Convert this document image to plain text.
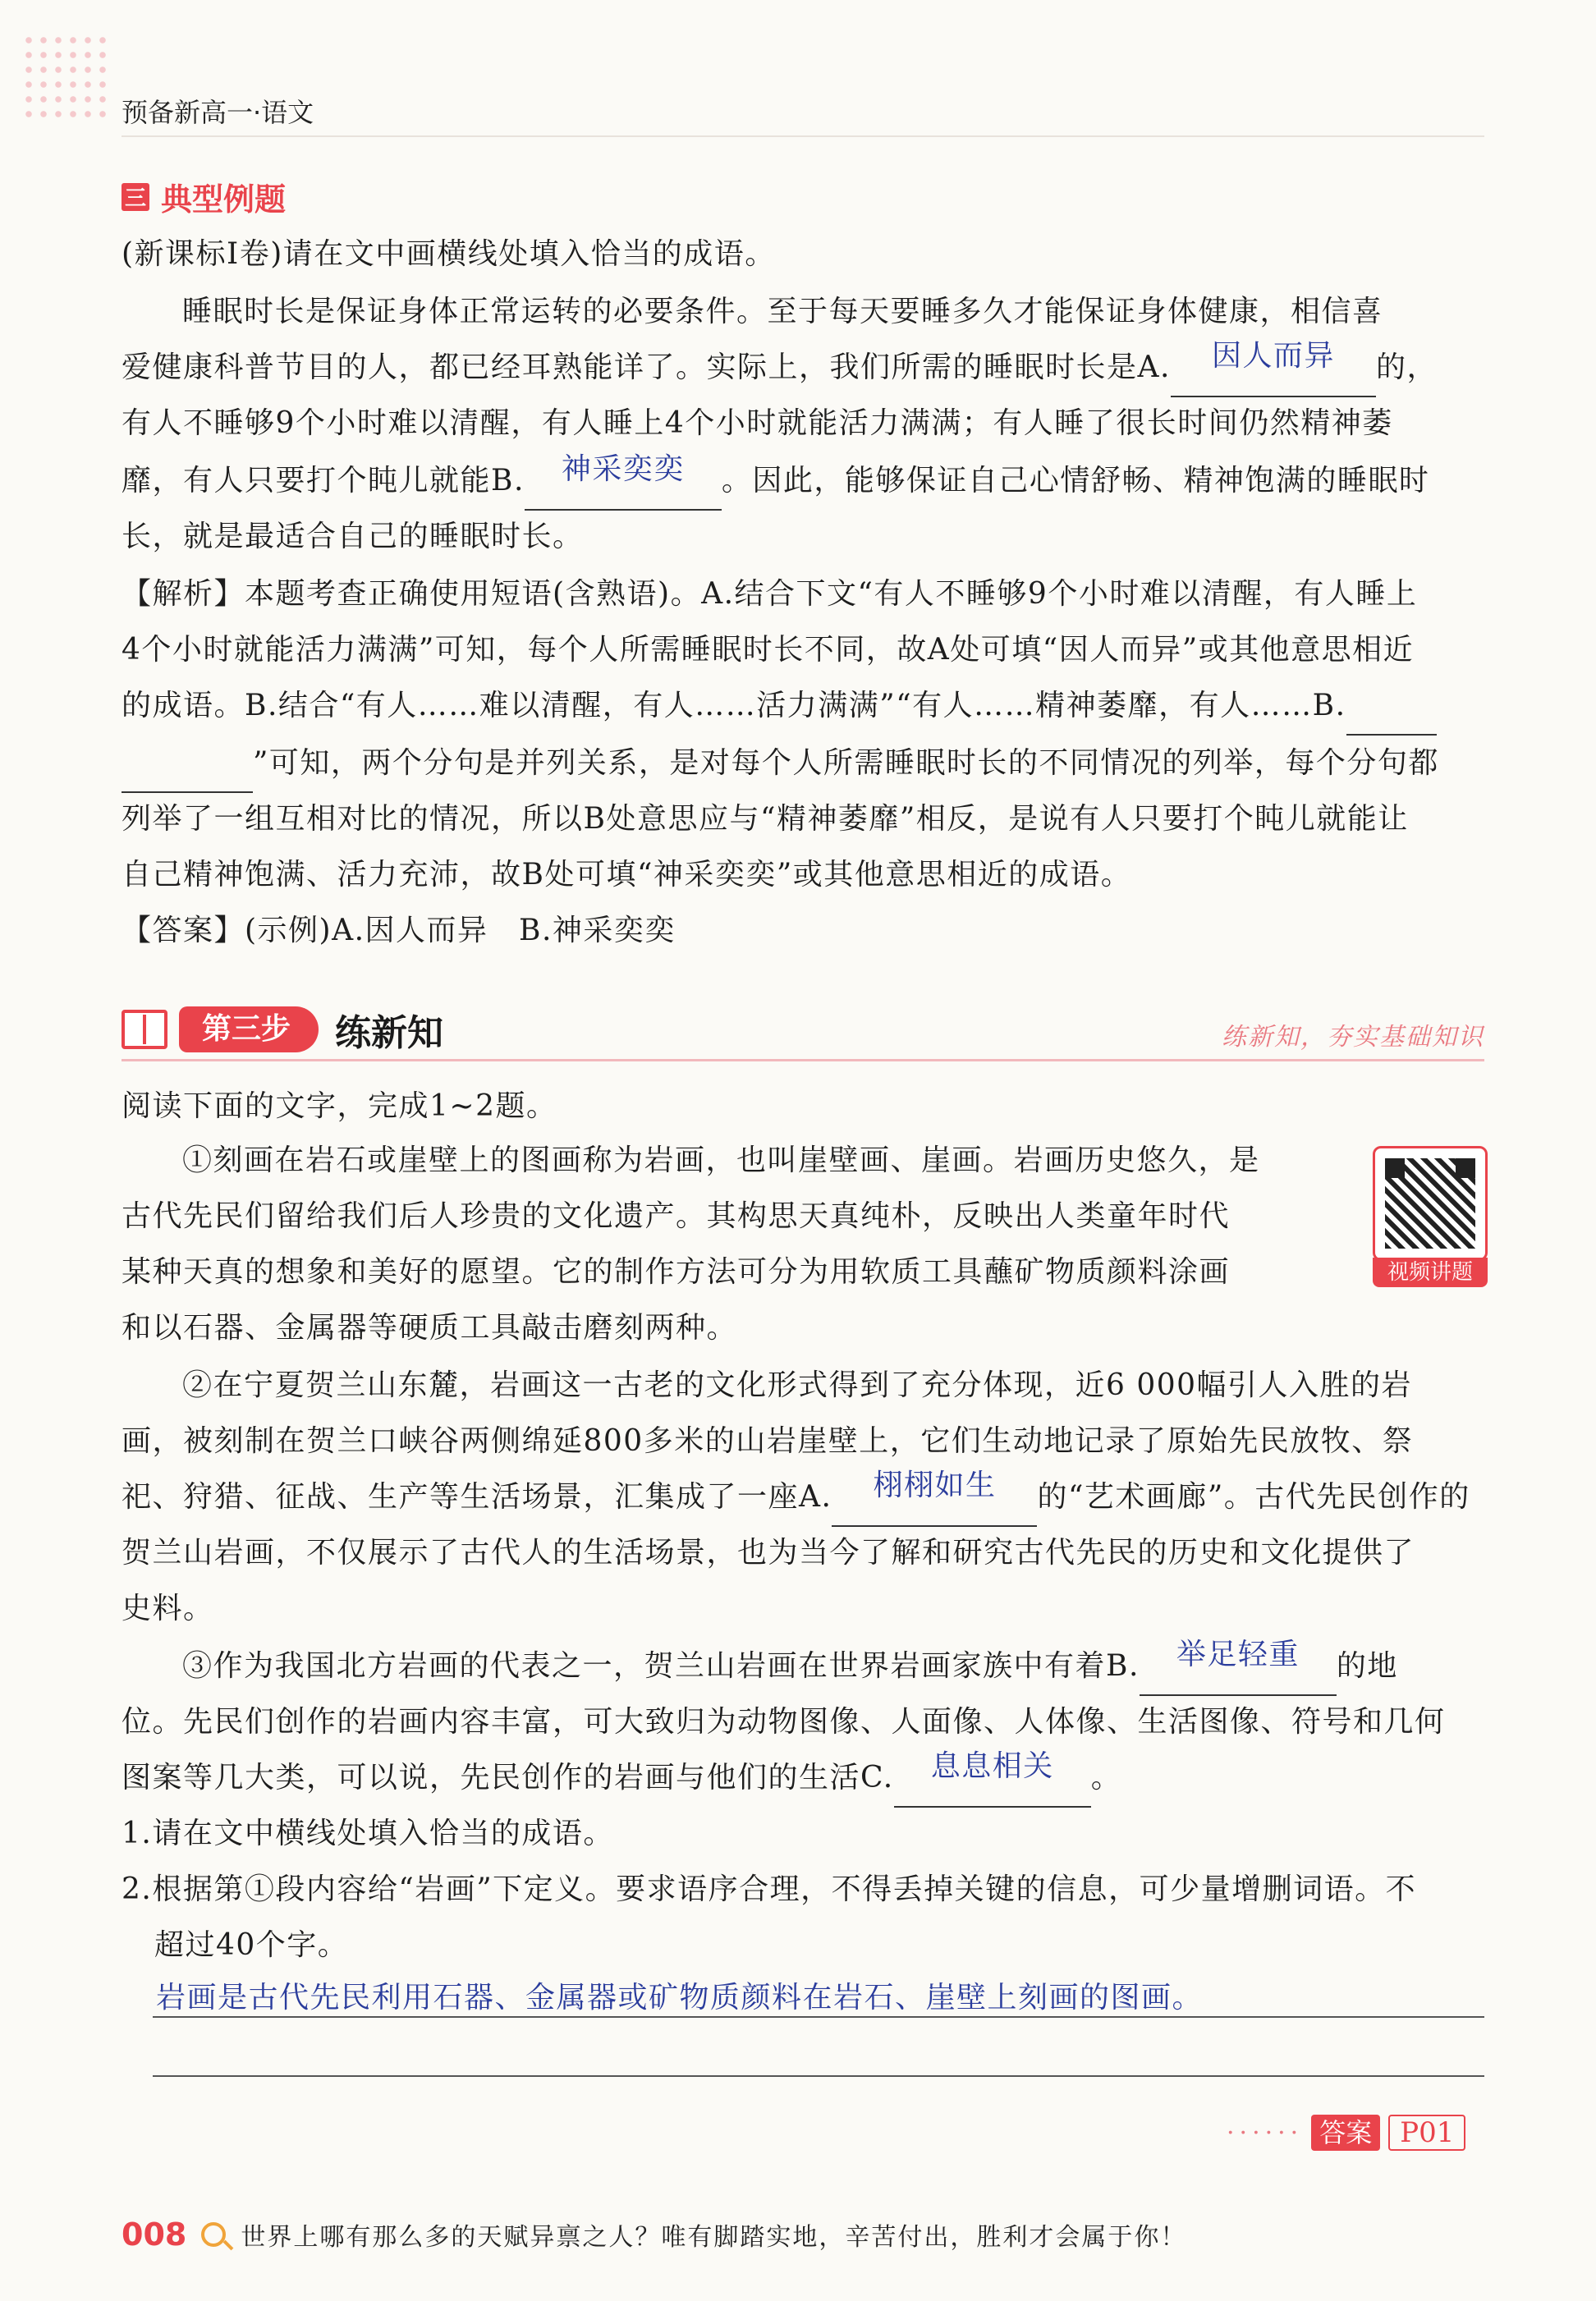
预备新高一·语文
三 典型例题
(新课标Ⅰ卷)请在文中画横线处填入恰当的成语。
睡眠时长是保证身体正常运转的必要条件。至于每天要睡多久才能保证身体健康，相信喜
爱健康科普节目的人，都已经耳熟能详了。实际上，我们所需的睡眠时长是A. 因人而异 的，
有人不睡够9个小时难以清醒，有人睡上4个小时就能活力满满；有人睡了很长时间仍然精神萎
靡，有人只要打个盹儿就能B. 神采奕奕 。因此，能够保证自己心情舒畅、精神饱满的睡眠时
长，就是最适合自己的睡眠时长。
【解析】本题考查正确使用短语(含熟语)。A.结合下文“有人不睡够9个小时难以清醒，有人睡上
4个小时就能活力满满”可知，每个人所需睡眠时长不同，故A处可填“因人而异”或其他意思相近
的成语。B.结合“有人……难以清醒，有人……活力满满”“有人……精神萎靡，有人……B.
”可知，两个分句是并列关系，是对每个人所需睡眠时长的不同情况的列举，每个分句都
列举了一组互相对比的情况，所以B处意思应与“精神萎靡”相反，是说有人只要打个盹儿就能让
自己精神饱满、活力充沛，故B处可填“神采奕奕”或其他意思相近的成语。
【答案】(示例)A.因人而异　B.神采奕奕
第三步	练新知	练新知，夯实基础知识
阅读下面的文字，完成1~2题。
视频讲题
①刻画在岩石或崖壁上的图画称为岩画，也叫崖壁画、崖画。岩画历史悠久，是
古代先民们留给我们后人珍贵的文化遗产。其构思天真纯朴，反映出人类童年时代
某种天真的想象和美好的愿望。它的制作方法可分为用软质工具蘸矿物质颜料涂画
和以石器、金属器等硬质工具敲击磨刻两种。
②在宁夏贺兰山东麓，岩画这一古老的文化形式得到了充分体现，近6 000幅引人入胜的岩
画，被刻制在贺兰口峡谷两侧绵延800多米的山岩崖壁上，它们生动地记录了原始先民放牧、祭
祀、狩猎、征战、生产等生活场景，汇集成了一座A. 栩栩如生 的“艺术画廊”。古代先民创作的
贺兰山岩画，不仅展示了古代人的生活场景，也为当今了解和研究古代先民的历史和文化提供了
史料。
③作为我国北方岩画的代表之一，贺兰山岩画在世界岩画家族中有着B. 举足轻重 的地
位。先民们创作的岩画内容丰富，可大致归为动物图像、人面像、人体像、生活图像、符号和几何
图案等几大类，可以说，先民创作的岩画与他们的生活C. 息息相关 。
1.请在文中横线处填入恰当的成语。
2.根据第①段内容给“岩画”下定义。要求语序合理，不得丢掉关键的信息，可少量增删词语。不
超过40个字。
岩画是古代先民利用石器、金属器或矿物质颜料在岩石、崖壁上刻画的图画。
······ 答案	P01
008 世界上哪有那么多的天赋异禀之人？唯有脚踏实地，辛苦付出，胜利才会属于你！
